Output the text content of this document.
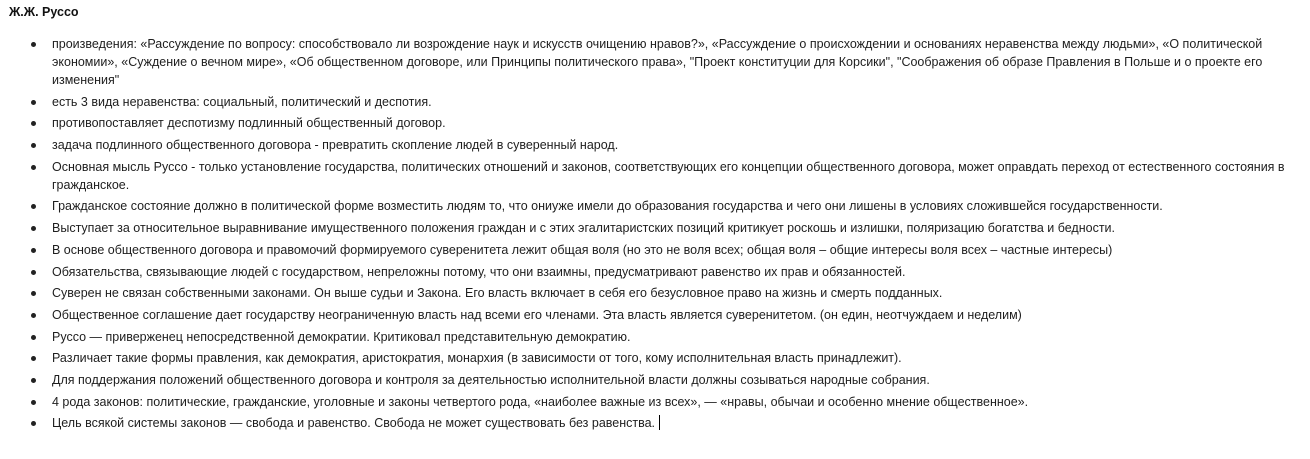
Ж.Ж. Руссо
произведения: «Рассуждение по вопросу: способствовало ли возрождение наук и искусств очищению нравов?», «Рассуждение о происхождении и основаниях неравенства между людьми», «О политической экономии», «Суждение о вечном мире», «Об общественном договоре, или Принципы политического права», "Проект конституции для Корсики", "Соображения об образе Правления в Польше и о проекте его изменения"
есть 3 вида неравенства: социальный, политический и деспотия.
противопоставляет деспотизму подлинный общественный договор.
задача подлинного общественного договора - превратить скопление людей в суверенный народ.
Основная мысль Руссо - только установление государства, политических отношений и законов, соответствующих его концепции общественного договора, может оправдать переход от естественного состояния в гражданское.
Гражданское состояние должно в политической форме возместить людям то, что ониуже имели до образования государства и чего они лишены в условиях сложившейся государственности.
Выступает за относительное выравнивание имущественного положения граждан и с этих эгалитаристских позиций критикует роскошь и излишки, поляризацию богатства и бедности.
В основе общественного договора и правомочий формируемого суверенитета лежит общая воля (но это не воля всех; общая воля – общие интересы воля всех – частные интересы)
Обязательства, связывающие людей с государством, непреложны потому, что они взаимны, предусматривают равенство их прав и обязанностей.
Суверен не связан собственными законами. Он выше судьи и Закона. Его власть включает в себя его безусловное право на жизнь и смерть подданных.
Общественное соглашение дает государству неограниченную власть над всеми его членами. Эта власть является суверенитетом. (он един, неотчуждаем и неделим)
Руссо — приверженец непосредственной демократии. Критиковал представительную демократию.
Различает такие формы правления, как демократия, аристократия, монархия (в зависимости от того, кому исполнительная власть принадлежит).
Для поддержания положений общественного договора и контроля за деятельностью исполнительной власти должны созываться народные собрания.
4 рода законов: политические, гражданские, уголовные и законы четвертого рода, «наиболее важные из всех», — «нравы, обычаи и особенно мнение общественное».
Цель всякой системы законов — свобода и равенство. Свобода не может существовать без равенства.
